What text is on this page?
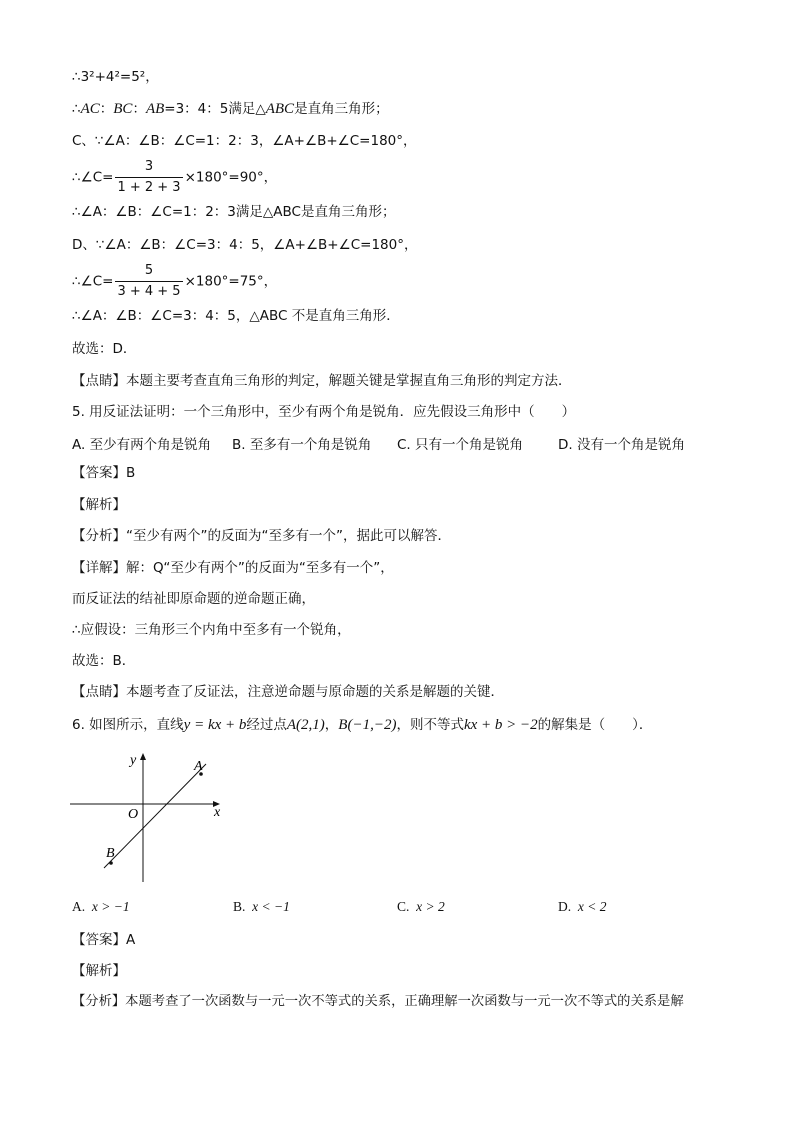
∴3²+4²=5²，
∴AC：BC：AB=3：4：5满足△ABC是直角三角形；
C、∵∠A：∠B：∠C=1：2：3，∠A+∠B+∠C=180°，
∴∠C= $\frac{3}{1 + 2 + 3} \times 180^\circ=90^\circ$，
∴∠A：∠B：∠C=1：2：3满足△ABC是直角三角形；
D、∵∠A：∠B：∠C=3：4：5，∠A+∠B+∠C=180°，
∴∠C= $\frac{5}{3 + 4 + 5} \times 180^\circ=75^\circ$，
∴∠A：∠B：∠C=3：4：5，△ABC 不是直角三角形．
故选：D．
【点睛】本题主要考查直角三角形的判定，解题关键是掌握直角三角形的判定方法．
5. 用反证法证明：一个三角形中，至少有两个角是锐角．应先假设三角形中（　　）
A. 至少有两个角是锐角 B. 至多有一个角是锐角 C. 只有一个角是锐角	D. 没有一个角是锐角
【答案】B
【解析】
【分析】“至少有两个”的反面为“至多有一个”，据此可以解答．
【详解】解：Q“至少有两个”的反面为“至多有一个”，
而反证法的结祉即原命题的逆命题正确，
∴应假设：三角形三个内角中至多有一个锐角，
故选：B．
【点睛】本题考查了反证法，注意逆命题与原命题的关系是解题的关键．
6. 如图所示，直线y = kx + b经过点A(2,1)，B(−1,−2)，则不等式kx + b > −2的解集是（　　）．
y
x
O
A
B
A. x > −1	B. x < −1	C. x > 2	D. x < 2
【答案】A
【解析】
【分析】本题考查了一次函数与一元一次不等式的关系，正确理解一次函数与一元一次不等式的关系是解
